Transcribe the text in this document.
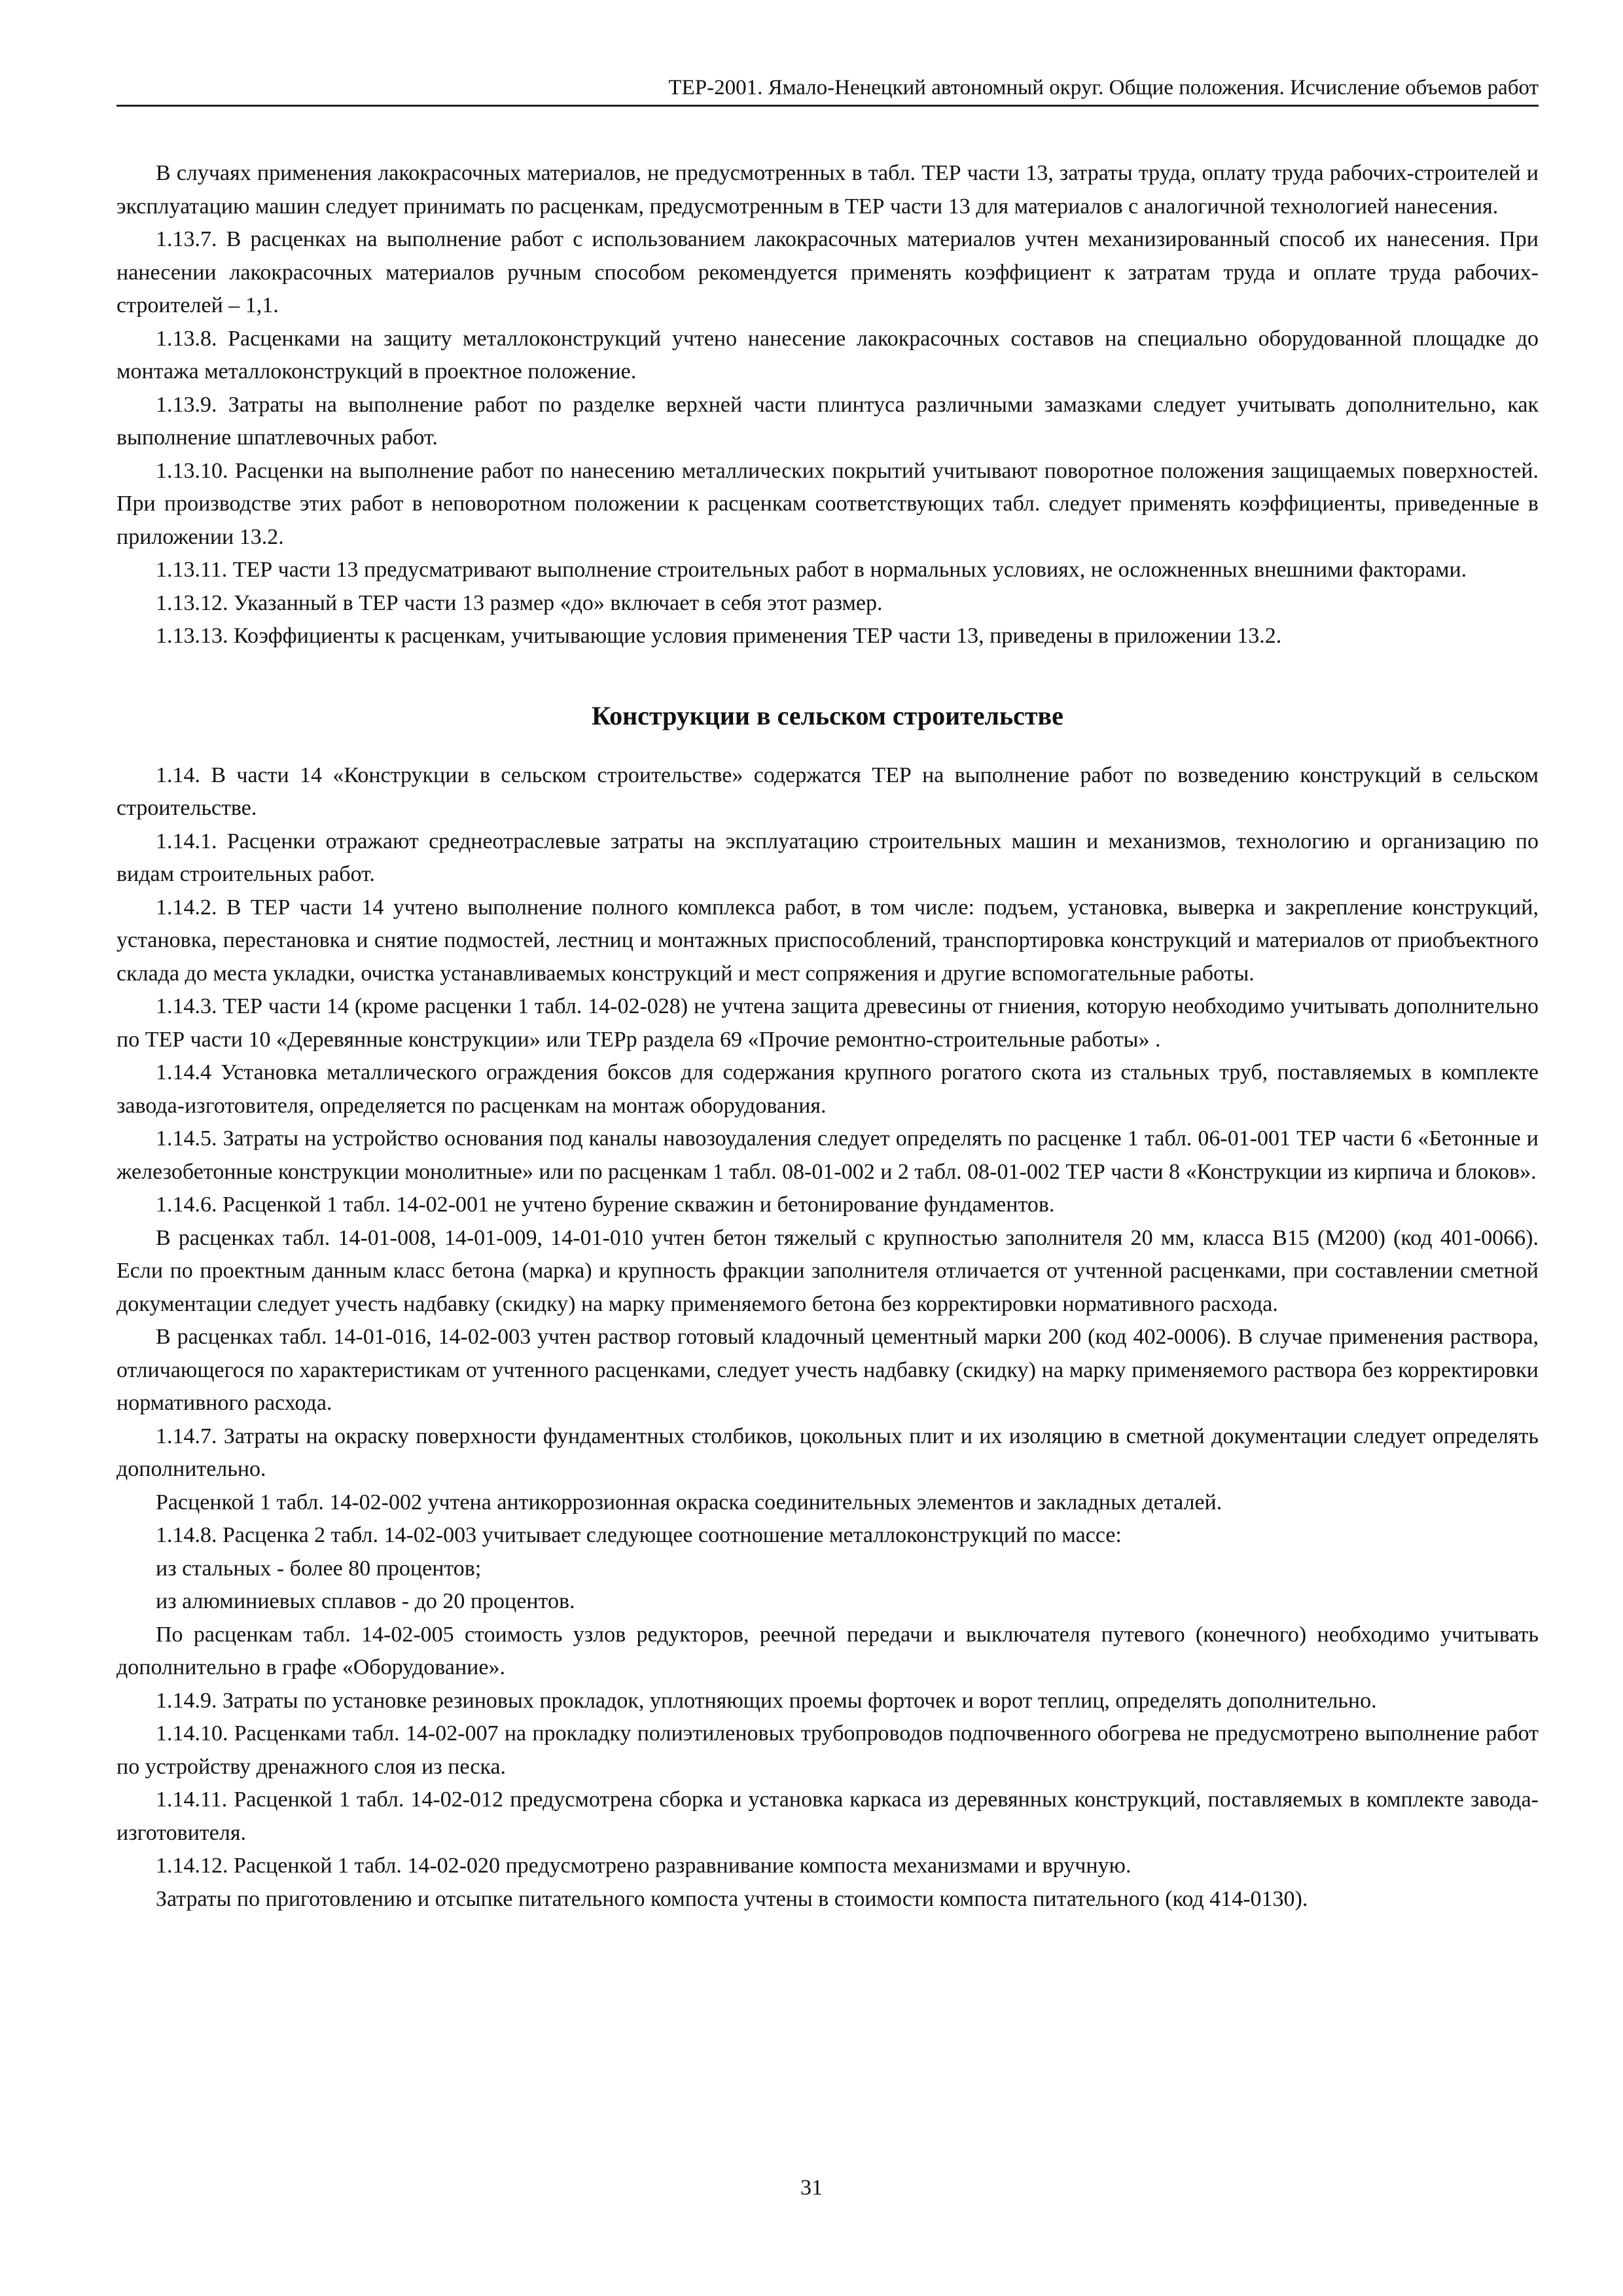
ТЕР-2001. Ямало-Ненецкий автономный округ. Общие положения. Исчисление объемов работ

В случаях применения лакокрасочных материалов, не предусмотренных в табл. ТЕР части 13, затраты труда, оплату труда рабочих-строителей и эксплуатацию машин следует принимать по расценкам, предусмотренным в ТЕР части 13 для материалов с аналогичной технологией нанесения.

1.13.7. В расценках на выполнение работ с использованием лакокрасочных материалов учтен механизированный способ их нанесения. При нанесении лакокрасочных материалов ручным способом рекомендуется применять коэффициент к затратам труда и оплате труда рабочих-строителей – 1,1.

1.13.8. Расценками на защиту металлоконструкций учтено нанесение лакокрасочных составов на специально оборудованной площадке до монтажа металлоконструкций в проектное положение.

1.13.9. Затраты на выполнение работ по разделке верхней части плинтуса различными замазками следует учитывать дополнительно, как выполнение шпатлевочных работ.

1.13.10. Расценки на выполнение работ по нанесению металлических покрытий учитывают поворотное положения защищаемых поверхностей. При производстве этих работ в неповоротном положении к расценкам соответствующих табл. следует применять коэффициенты, приведенные в приложении 13.2.

1.13.11. ТЕР части 13 предусматривают выполнение строительных работ в нормальных условиях, не осложненных внешними факторами.

1.13.12. Указанный в ТЕР части 13 размер «до» включает в себя этот размер.

1.13.13. Коэффициенты к расценкам, учитывающие условия применения ТЕР части 13, приведены в приложении 13.2.

Конструкции в сельском строительстве

1.14. В части 14 «Конструкции в сельском строительстве» содержатся ТЕР на выполнение работ по возведению конструкций в сельском строительстве.

1.14.1. Расценки отражают среднеотраслевые затраты на эксплуатацию строительных машин и механизмов, технологию и организацию по видам строительных работ.

1.14.2. В ТЕР части 14 учтено выполнение полного комплекса работ, в том числе: подъем, установка, выверка и закрепление конструкций, установка, перестановка и снятие подмостей, лестниц и монтажных приспособлений, транспортировка конструкций и материалов от приобъектного склада до места укладки, очистка устанавливаемых конструкций и мест сопряжения и другие вспомогательные работы.

1.14.3. ТЕР части 14 (кроме расценки 1 табл. 14-02-028) не учтена защита древесины от гниения, которую необходимо учитывать дополнительно по ТЕР части 10 «Деревянные конструкции» или ТЕРр раздела 69 «Прочие ремонтно-строительные работы» .

1.14.4 Установка металлического ограждения боксов для содержания крупного рогатого скота из стальных труб, поставляемых в комплекте завода-изготовителя, определяется по расценкам на монтаж оборудования.

1.14.5. Затраты на устройство основания под каналы навозоудаления следует определять по расценке 1 табл. 06-01-001 ТЕР части 6 «Бетонные и железобетонные конструкции монолитные» или по расценкам 1 табл. 08-01-002 и 2 табл. 08-01-002 ТЕР части 8 «Конструкции из кирпича и блоков».

1.14.6. Расценкой 1 табл. 14-02-001 не учтено бурение скважин и бетонирование фундаментов.

В расценках табл. 14-01-008, 14-01-009, 14-01-010 учтен бетон тяжелый с крупностью заполнителя 20 мм, класса В15 (М200) (код 401-0066). Если по проектным данным класс бетона (марка) и крупность фракции заполнителя отличается от учтенной расценками, при составлении сметной документации следует учесть надбавку (скидку) на марку применяемого бетона без корректировки нормативного расхода.

В расценках табл. 14-01-016, 14-02-003 учтен раствор готовый кладочный цементный марки 200 (код 402-0006). В случае применения раствора, отличающегося по характеристикам от учтенного расценками, следует учесть надбавку (скидку) на марку применяемого раствора без корректировки нормативного расхода.

1.14.7. Затраты на окраску поверхности фундаментных столбиков, цокольных плит и их изоляцию в сметной документации следует определять дополнительно.

Расценкой 1 табл. 14-02-002 учтена антикоррозионная окраска соединительных элементов и закладных деталей.

1.14.8. Расценка 2 табл. 14-02-003 учитывает следующее соотношение металлоконструкций по массе:

из стальных - более 80 процентов;

из алюминиевых сплавов - до 20 процентов.

По расценкам табл. 14-02-005 стоимость узлов редукторов, реечной передачи и выключателя путевого (конечного) необходимо учитывать дополнительно в графе «Оборудование».

1.14.9. Затраты по установке резиновых прокладок, уплотняющих проемы форточек и ворот теплиц, определять дополнительно.

1.14.10. Расценками табл. 14-02-007 на прокладку полиэтиленовых трубопроводов подпочвенного обогрева не предусмотрено выполнение работ по устройству дренажного слоя из песка.

1.14.11. Расценкой 1 табл. 14-02-012 предусмотрена сборка и установка каркаса из деревянных конструкций, поставляемых в комплекте завода-изготовителя.

1.14.12. Расценкой 1 табл. 14-02-020 предусмотрено разравнивание компоста механизмами и вручную.

Затраты по приготовлению и отсыпке питательного компоста учтены в стоимости компоста питательного (код 414-0130).

31
